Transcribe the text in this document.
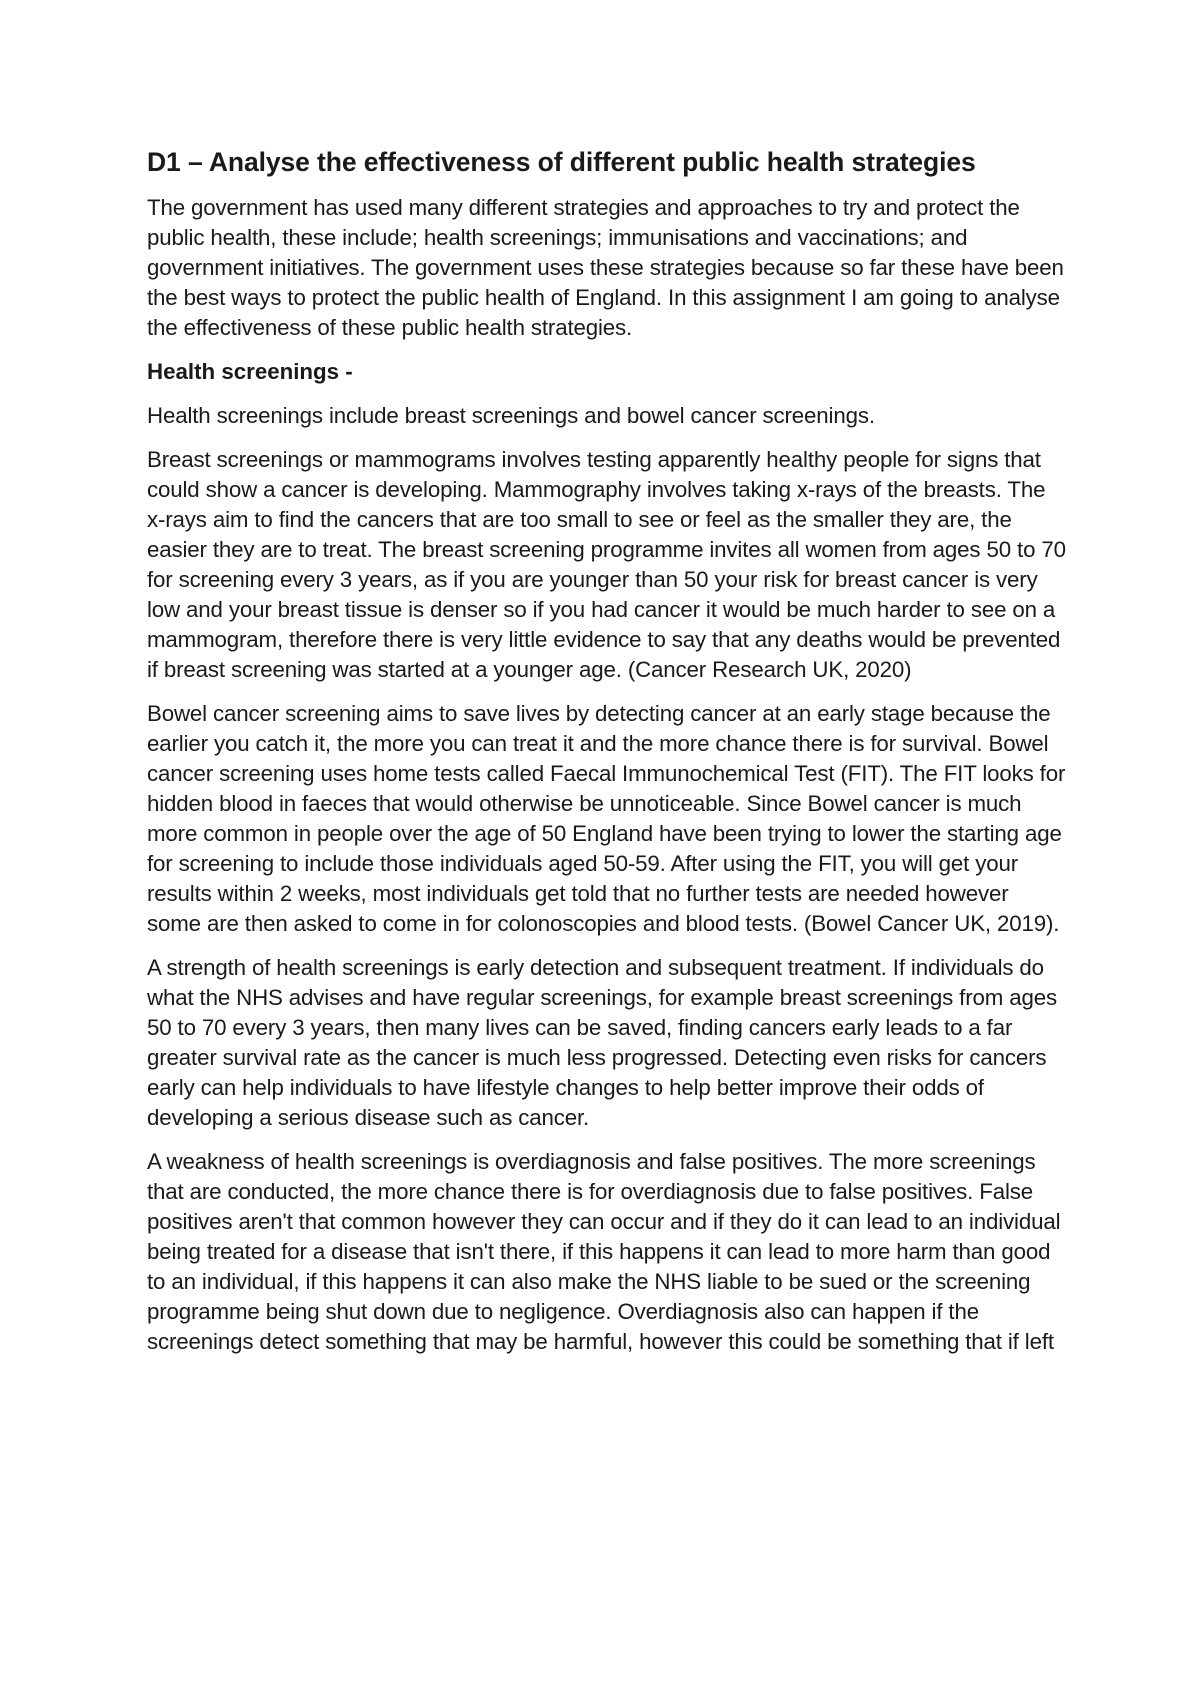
D1 – Analyse the effectiveness of different public health strategies

The government has used many different strategies and approaches to try and protect the public health, these include; health screenings; immunisations and vaccinations; and government initiatives. The government uses these strategies because so far these have been the best ways to protect the public health of England. In this assignment I am going to analyse the effectiveness of these public health strategies.

Health screenings -

Health screenings include breast screenings and bowel cancer screenings.

Breast screenings or mammograms involves testing apparently healthy people for signs that could show a cancer is developing. Mammography involves taking x-rays of the breasts. The x-rays aim to find the cancers that are too small to see or feel as the smaller they are, the easier they are to treat. The breast screening programme invites all women from ages 50 to 70 for screening every 3 years, as if you are younger than 50 your risk for breast cancer is very low and your breast tissue is denser so if you had cancer it would be much harder to see on a mammogram, therefore there is very little evidence to say that any deaths would be prevented if breast screening was started at a younger age. (Cancer Research UK, 2020)

Bowel cancer screening aims to save lives by detecting cancer at an early stage because the earlier you catch it, the more you can treat it and the more chance there is for survival. Bowel cancer screening uses home tests called Faecal Immunochemical Test (FIT). The FIT looks for hidden blood in faeces that would otherwise be unnoticeable. Since Bowel cancer is much more common in people over the age of 50 England have been trying to lower the starting age for screening to include those individuals aged 50-59. After using the FIT, you will get your results within 2 weeks, most individuals get told that no further tests are needed however some are then asked to come in for colonoscopies and blood tests. (Bowel Cancer UK, 2019).

A strength of health screenings is early detection and subsequent treatment. If individuals do what the NHS advises and have regular screenings, for example breast screenings from ages 50 to 70 every 3 years, then many lives can be saved, finding cancers early leads to a far greater survival rate as the cancer is much less progressed. Detecting even risks for cancers early can help individuals to have lifestyle changes to help better improve their odds of developing a serious disease such as cancer.

A weakness of health screenings is overdiagnosis and false positives. The more screenings that are conducted, the more chance there is for overdiagnosis due to false positives. False positives aren't that common however they can occur and if they do it can lead to an individual being treated for a disease that isn't there, if this happens it can lead to more harm than good to an individual, if this happens it can also make the NHS liable to be sued or the screening programme being shut down due to negligence. Overdiagnosis also can happen if the screenings detect something that may be harmful, however this could be something that if left
